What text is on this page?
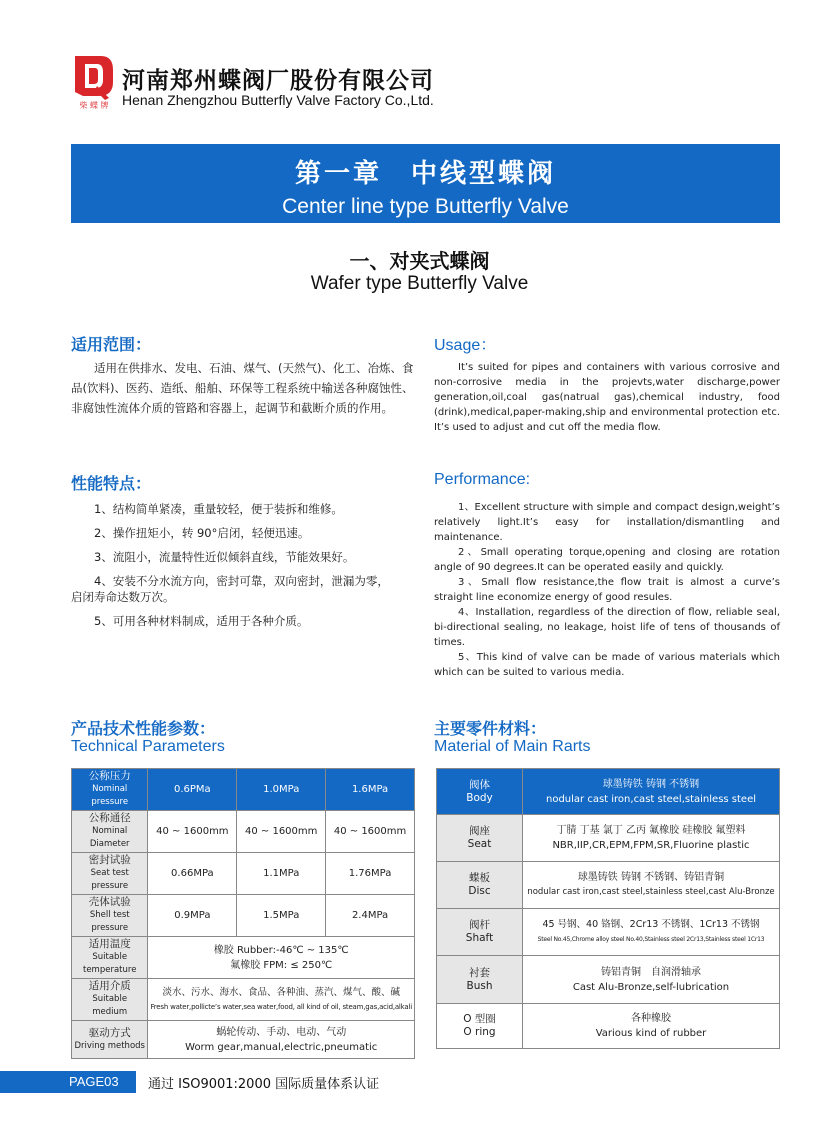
柴 蝶 牌
河南郑州蝶阀厂股份有限公司
Henan Zhengzhou Butterfly Valve Factory Co.,Ltd.
第一章　中线型蝶阀
Center line type Butterfly Valve
一、对夹式蝶阀
Wafer type Butterfly Valve
适用范围：

适用在供排水、发电、石油、煤气、(天然气)、化工、冶炼、食品(饮料)、医药、造纸、船舶、环保等工程系统中输送各种腐蚀性、非腐蚀性流体介质的管路和容器上，起调节和截断介质的作用。

Usage：

It’s suited for pipes and containers with various corrosive and non-corrosive media in the projevts,water discharge,power generation,oil,coal gas(natrual gas),chemical industry, food (drink),medical,paper-making,ship and environmental protection etc. It’s used to adjust and cut off the media flow.

性能特点：

1、结构简单紧凑，重量较轻，便于装拆和维修。

2、操作扭矩小，转 90°启闭，轻便迅速。

3、流阻小，流量特性近似倾斜直线，节能效果好。

4、安装不分水流方向，密封可靠，双向密封，泄漏为零，

启闭寿命达数万次。

5、可用各种材料制成，适用于各种介质。

Performance:

1、Excellent structure with simple and compact design,weight’s relatively light.It’s easy for installation/dismantling and maintenance.

2、Small operating torque,opening and closing are rotation angle of 90 degrees.It can be operated easily and quickly.

3、Small flow resistance,the flow trait is almost a curve’s straight line economize energy of good resules.

4、Installation, regardless of the direction of flow, reliable seal, bi-directional sealing, no leakage, hoist life of tens of thousands of times.

5、This kind of valve can be made of various materials which which can be suited to various media.

产品技术性能参数：
Technical Parameters
公称压力
Nominal pressure	0.6PMa	1.0MPa	1.6MPa

公称通径
Nominal Diameter	40 ~ 1600mm	40 ~ 1600mm	40 ~ 1600mm

密封试验
Seat test pressure	0.66MPa	1.1MPa	1.76MPa

壳体试验
Shell test pressure	0.9MPa	1.5MPa	2.4MPa

适用温度
Suitable temperature	橡胶 Rubber:-46℃ ~ 135℃
氟橡胶 FPM: ≤ 250℃		

适用介质
Suitable medium	淡水、污水、海水、食品、各种油、蒸汽、煤气、酸、碱
Fresh water,pollicte’s water,sea water,food, all kind of oil, steam,gas,acid,alkali		

驱动方式
Driving methods	蜗轮传动、手动、电动、气动
Worm gear,manual,electric,pneumatic		
主要零件材料：
Material of Main Rarts
阀体
Body	球墨铸铁 铸钢 不锈钢
nodular cast iron,cast steel,stainless steel

阀座
Seat	丁腈 丁基 氯丁 乙丙 氟橡胶 硅橡胶 氟塑料
NBR,IIP,CR,EPM,FPM,SR,Fluorine plastic

蝶板
Disc	球墨铸铁 铸钢 不锈钢、铸铝青铜
nodular cast iron,cast steel,stainless steel,cast Alu-Bronze

阀杆
Shaft	45 号钢、40 铬钢、2Cr13 不锈钢、1Cr13 不锈钢
Steel No.45,Chrome alloy steel No.40,Stainless steel 2Cr13,Stainless steel 1Cr13

衬套
Bush	铸铝青铜　自润滑轴承
Cast Alu-Bronze,self-lubrication

O 型圈
O ring	各种橡胶
Various kind of rubber
PAGE03	通过 ISO9001:2000 国际质量体系认证
